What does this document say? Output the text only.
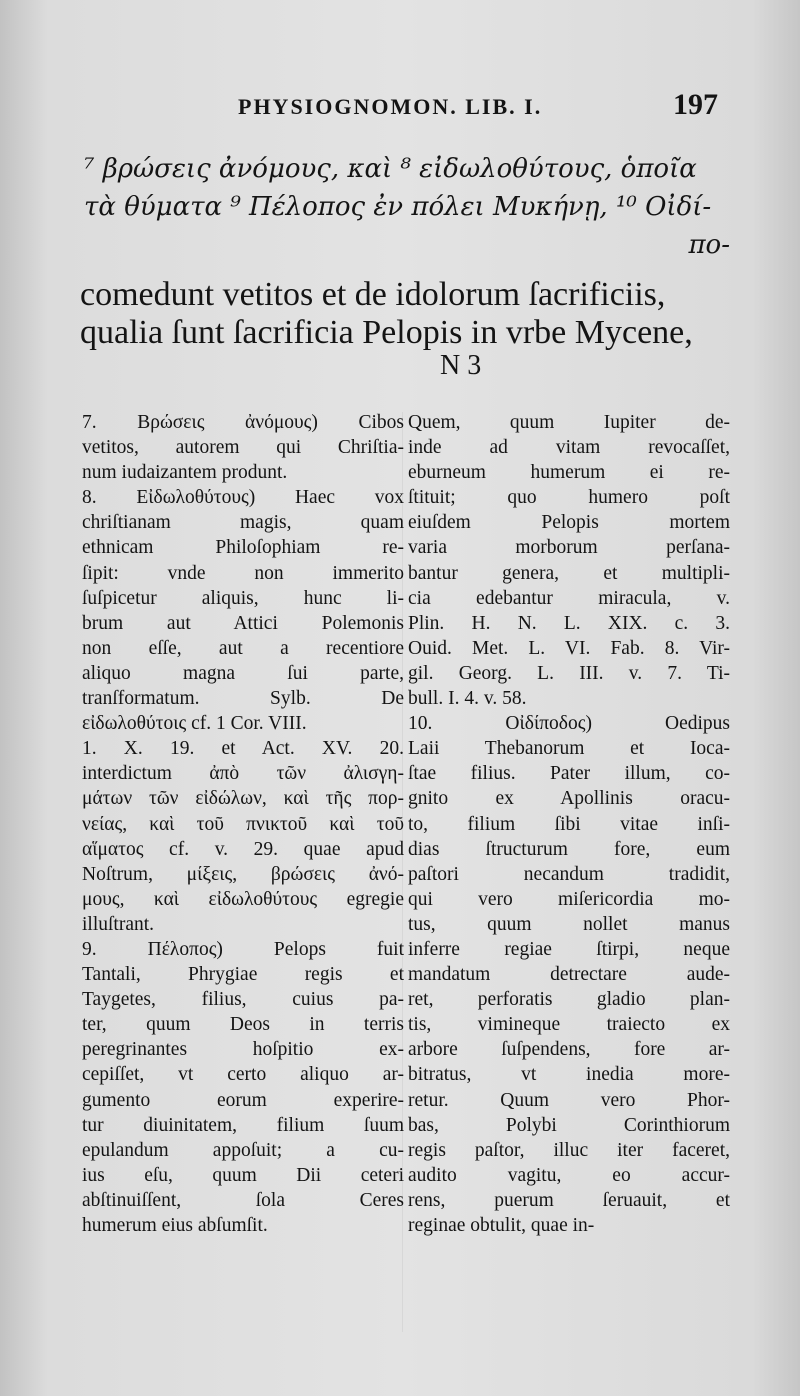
PHYSIOGNOMON. LIB. I.	197
⁷ βρώσεις ἀνόμους, καὶ ⁸ εἰδωλοθύτους, ὁποῖα
τὰ θύματα ⁹ Πέλοπος ἐν πόλει Μυκήνῃ, ¹⁰ Οἰδί-
πο-
comedunt vetitos et de idolorum ſacrificiis,
qualia ſunt ſacrificia Pelopis in vrbe Mycene,
N 3
7. Βρώσεις ἀνόμους) Cibos
vetitos, autorem qui Chriſtia-
num iudaizantem produnt.
8. Εἰδωλοθύτους) Haec vox
chriſtianam magis, quam
ethnicam Philoſophiam re-
ſipit: vnde non immerito
ſuſpicetur aliquis, hunc li-
brum aut Attici Polemonis
non eſſe, aut a recentiore
aliquo magna ſui parte,
tranſformatum. Sylb. De
εἰδωλοθύτοις cf. 1 Cor. VIII.
1. X. 19. et Act. XV. 20.
interdictum ἀπὸ τῶν ἀλισγη-
μάτων τῶν εἰδώλων, καὶ τῆς πορ-
νείας, καὶ τοῦ πνικτοῦ καὶ τοῦ
αἵματος cf. v. 29. quae apud
Noſtrum, μίξεις, βρώσεις ἀνό-
μους, καὶ εἰδωλοθύτους egregie
illuſtrant.
9. Πέλοπος) Pelops fuit
Tantali, Phrygiae regis et
Taygetes, filius, cuius pa-
ter, quum Deos in terris
peregrinantes hoſpitio ex-
cepiſſet, vt certo aliquo ar-
gumento eorum experire-
tur diuinitatem, filium ſuum
epulandum appoſuit; a cu-
ius eſu, quum Dii ceteri
abſtinuiſſent, ſola Ceres
humerum eius abſumſit.
Quem, quum Iupiter de-
inde ad vitam revocaſſet,
eburneum humerum ei re-
ſtituit; quo humero poſt
eiuſdem Pelopis mortem
varia morborum perſana-
bantur genera, et multipli-
cia edebantur miracula, v.
Plin. H. N. L. XIX. c. 3.
Ouid. Met. L. VI. Fab. 8. Vir-
gil. Georg. L. III. v. 7. Ti-
bull. I. 4. v. 58.
10. Οἰδίποδος) Oedipus
Laii Thebanorum et Ioca-
ſtae filius. Pater illum, co-
gnito ex Apollinis oracu-
to, filium ſibi vitae inſi-
dias ſtructurum fore, eum
paſtori necandum tradidit,
qui vero miſericordia mo-
tus, quum nollet manus
inferre regiae ſtirpi, neque
mandatum detrectare aude-
ret, perforatis gladio plan-
tis, vimineque traiecto ex
arbore ſuſpendens, fore ar-
bitratus, vt inedia more-
retur. Quum vero Phor-
bas, Polybi Corinthiorum
regis paſtor, illuc iter faceret,
audito vagitu, eo accur-
rens, puerum ſeruauit, et
reginae obtulit, quae in-
